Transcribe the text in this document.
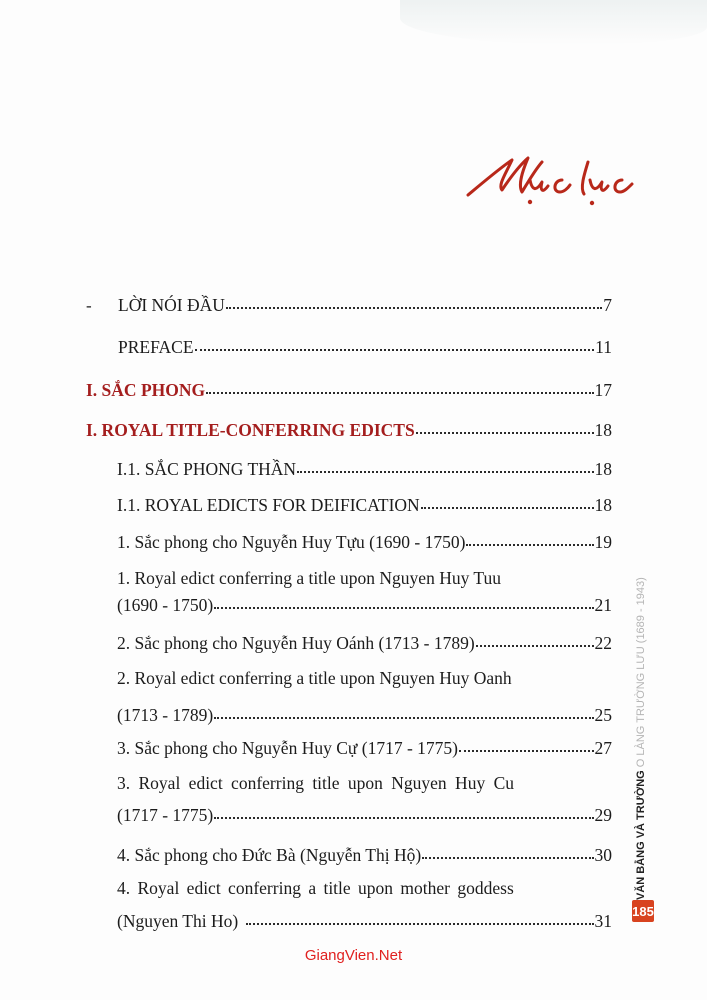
- LỜI NÓI ĐẦU	7
PREFACE	11
I. SẮC PHONG	17
I. ROYAL TITLE-CONFERRING EDICTS	18
I.1. SẮC PHONG THẦN	18
I.1. ROYAL EDICTS FOR DEIFICATION	18
1. Sắc phong cho Nguyễn Huy Tựu (1690 - 1750)	19
1. Royal edict conferring a title upon Nguyen Huy Tuu
(1690 - 1750)	21
2. Sắc phong cho Nguyễn Huy Oánh (1713 - 1789)	22
2. Royal edict conferring a title upon Nguyen Huy Oanh
(1713 - 1789)	25
3. Sắc phong cho Nguyễn Huy Cự (1717 - 1775)	27
3. Royal edict conferring title upon Nguyen Huy Cu
(1717 - 1775)	29
4. Sắc phong cho Đức Bà (Nguyễn Thị Hộ)	30
4. Royal edict conferring a title upon mother goddess
(Nguyen Thi Ho)	31
VĂN BẰNG VÀ TRƯỜNG O LÀNG TRƯỜNG LƯU (1689 - 1943)
185
GiangVien.Net
